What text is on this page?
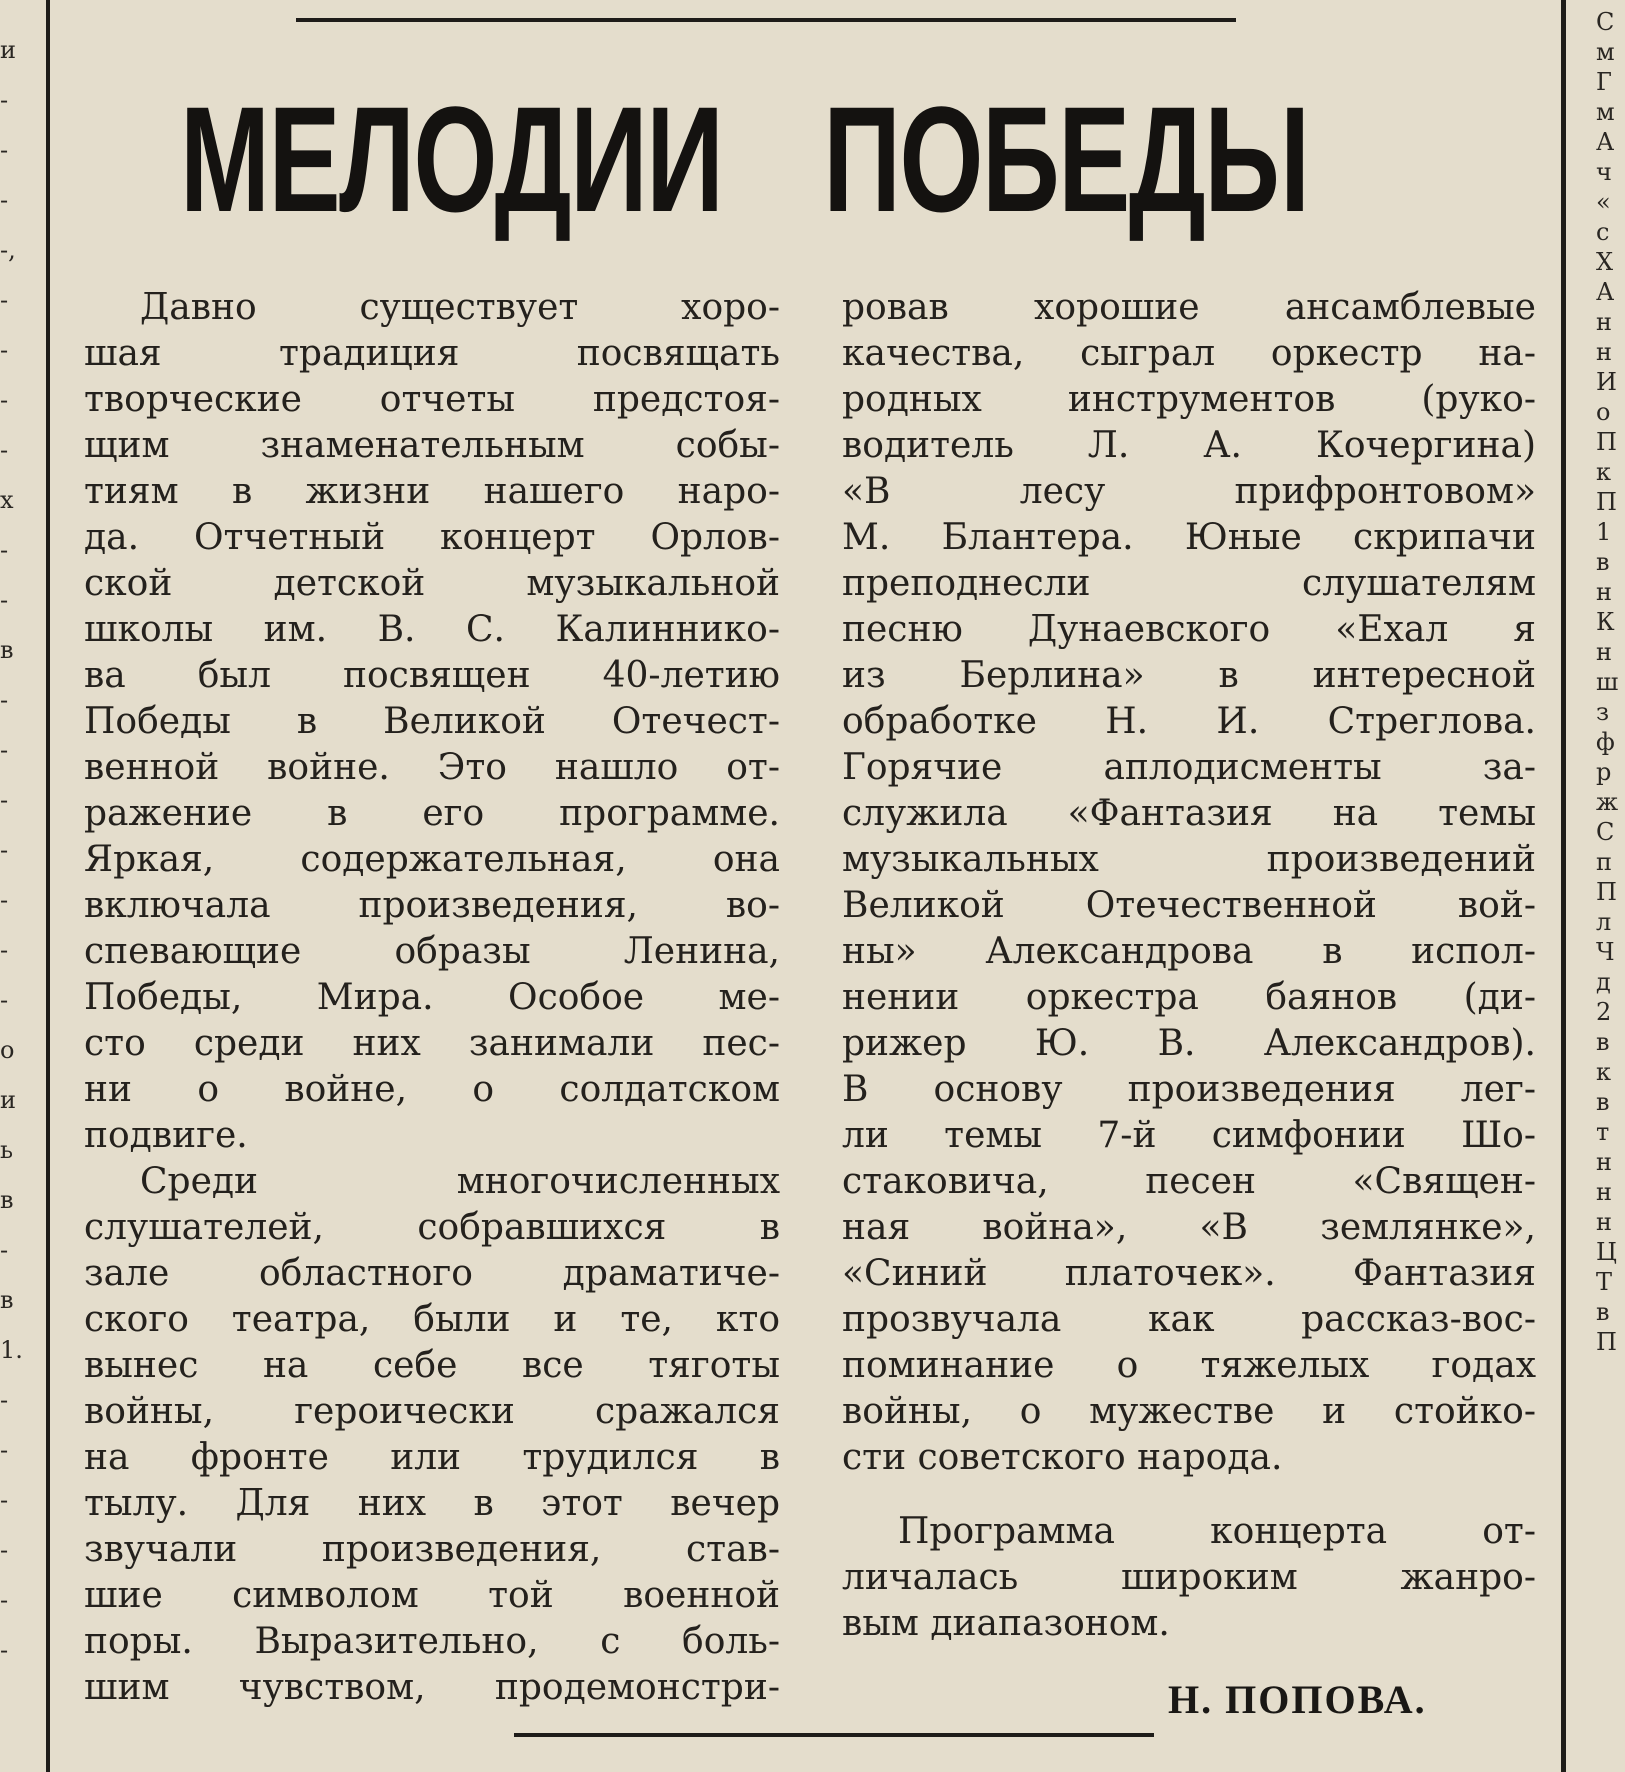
и
-
-
-
-,
-
-
-
-
х
-
-
в
-
-
-
-
-
-
-
о
и
ь
в
-
в
1.
-
-
-
-
-
-
С
м
Г
м
А
ч
«
с
Х
А
н
н
И
о
П
к
П
1
в
н
К
н
ш
з
ф
р
ж
С
п
П
л
Ч
д
2
в
к
в
т
н
н
н
Ц
Т
в
П
МЕЛОДИИ ПОБЕДЫ
Давно существует хоро-
шая традиция посвящать
творческие отчеты предстоя-
щим знаменательным собы-
тиям в жизни нашего наро-
да. Отчетный концерт Орлов-
ской детской музыкальной
школы им. В. С. Калиннико-
ва был посвящен 40-летию
Победы в Великой Отечест-
венной войне. Это нашло от-
ражение в его программе.
Яркая, содержательная, она
включала произведения, во-
спевающие образы Ленина,
Победы, Мира. Особое ме-
сто среди них занимали пес-
ни о войне, о солдатском
подвиге.
Среди многочисленных
слушателей, собравшихся в
зале областного драматиче-
ского театра, были и те, кто
вынес на себе все тяготы
войны, героически сражался
на фронте или трудился в
тылу. Для них в этот вечер
звучали произведения, став-
шие символом той военной
поры. Выразительно, с боль-
шим чувством, продемонстри-
ровав хорошие ансамблевые
качества, сыграл оркестр на-
родных инструментов (руко-
водитель Л. А. Кочергина)
«В лесу прифронтовом»
М. Блантера. Юные скрипачи
преподнесли слушателям
песню Дунаевского «Ехал я
из Берлина» в интересной
обработке Н. И. Стреглова.
Горячие аплодисменты за-
служила «Фантазия на темы
музыкальных произведений
Великой Отечественной вой-
ны» Александрова в испол-
нении оркестра баянов (ди-
рижер Ю. В. Александров).
В основу произведения лег-
ли темы 7-й симфонии Шо-
стаковича, песен «Священ-
ная война», «В землянке»,
«Синий платочек». Фантазия
прозвучала как рассказ-вос-
поминание о тяжелых годах
войны, о мужестве и стойко-
сти советского народа.
Программа концерта от-
личалась широким жанро-
вым диапазоном.
Н. ПОПОВА.
